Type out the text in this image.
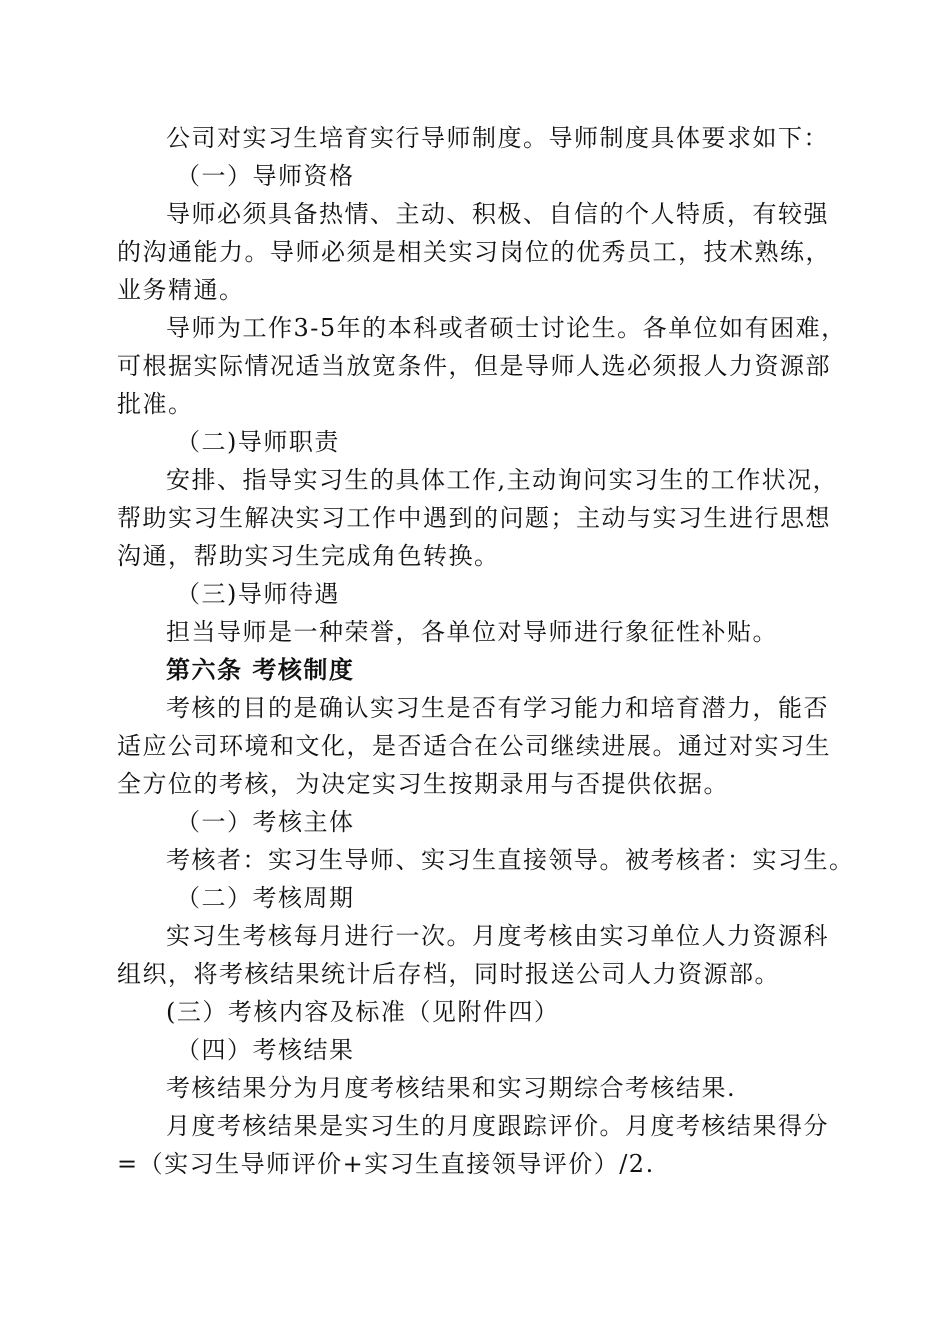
公司对实习生培育实行导师制度。导师制度具体要求如下：
（一）导师资格
导师必须具备热情、主动、积极、自信的个人特质，有较强
的沟通能力。导师必须是相关实习岗位的优秀员工，技术熟练，
业务精通。
导师为工作3-5年的本科或者硕士讨论生。各单位如有困难，
可根据实际情况适当放宽条件，但是导师人选必须报人力资源部
批准。
（二)导师职责
安排、指导实习生的具体工作,主动询问实习生的工作状况，
帮助实习生解决实习工作中遇到的问题；主动与实习生进行思想
沟通，帮助实习生完成角色转换。
（三)导师待遇
担当导师是一种荣誉，各单位对导师进行象征性补贴。
第六条 考核制度
考核的目的是确认实习生是否有学习能力和培育潜力，能否
适应公司环境和文化，是否适合在公司继续进展。通过对实习生
全方位的考核，为决定实习生按期录用与否提供依据。
（一）考核主体
考核者：实习生导师、实习生直接领导。被考核者：实习生。
（二）考核周期
实习生考核每月进行一次。月度考核由实习单位人力资源科
组织，将考核结果统计后存档，同时报送公司人力资源部。
(三）考核内容及标准（见附件四）
（四）考核结果
考核结果分为月度考核结果和实习期综合考核结果.
月度考核结果是实习生的月度跟踪评价。月度考核结果得分
=（实习生导师评价+实习生直接领导评价）/2.
